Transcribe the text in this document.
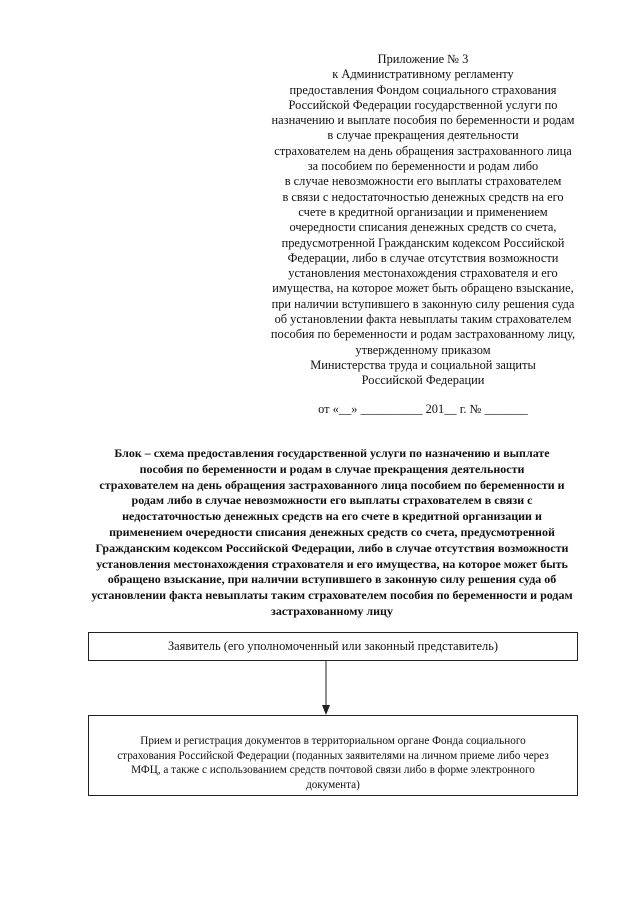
Приложение № 3
к Административному регламенту
предоставления Фондом социального страхования
Российской Федерации государственной услуги по
назначению и выплате пособия по беременности и родам
в случае прекращения деятельности
страхователем на день обращения застрахованного лица
за пособием по беременности и родам либо
в случае невозможности его выплаты страхователем
в связи с недостаточностью денежных средств на его
счете в кредитной организации и применением
очередности списания денежных средств со счета,
предусмотренной Гражданским кодексом Российской
Федерации, либо в случае отсутствия возможности
установления местонахождения страхователя и его
имущества, на которое может быть обращено взыскание,
при наличии вступившего в законную силу решения суда
об установлении факта невыплаты таким страхователем
пособия по беременности и родам застрахованному лицу,
утвержденному приказом
Министерства труда и социальной защиты
Российской Федерации
от «__» __________ 201__ г. № _______
Блок – схема предоставления государственной услуги по назначению и выплате
пособия по беременности и родам в случае прекращения деятельности
страхователем на день обращения застрахованного лица пособием по беременности и
родам либо в случае невозможности его выплаты страхователем в связи с
недостаточностью денежных средств на его счете в кредитной организации и
применением очередности списания денежных средств со счета, предусмотренной
Гражданским кодексом Российской Федерации, либо в случае отсутствия возможности
установления местонахождения страхователя и его имущества, на которое может быть
обращено взыскание, при наличии вступившего в законную силу решения суда об
установлении факта невыплаты таким страхователем пособия по беременности и родам
застрахованному лицу
Заявитель (его уполномоченный или законный представитель)
Прием и регистрация документов в территориальном органе Фонда социального
страхования Российской Федерации (поданных заявителями на личном приеме либо через
МФЦ, а также с использованием средств почтовой связи либо в форме электронного
документа)
